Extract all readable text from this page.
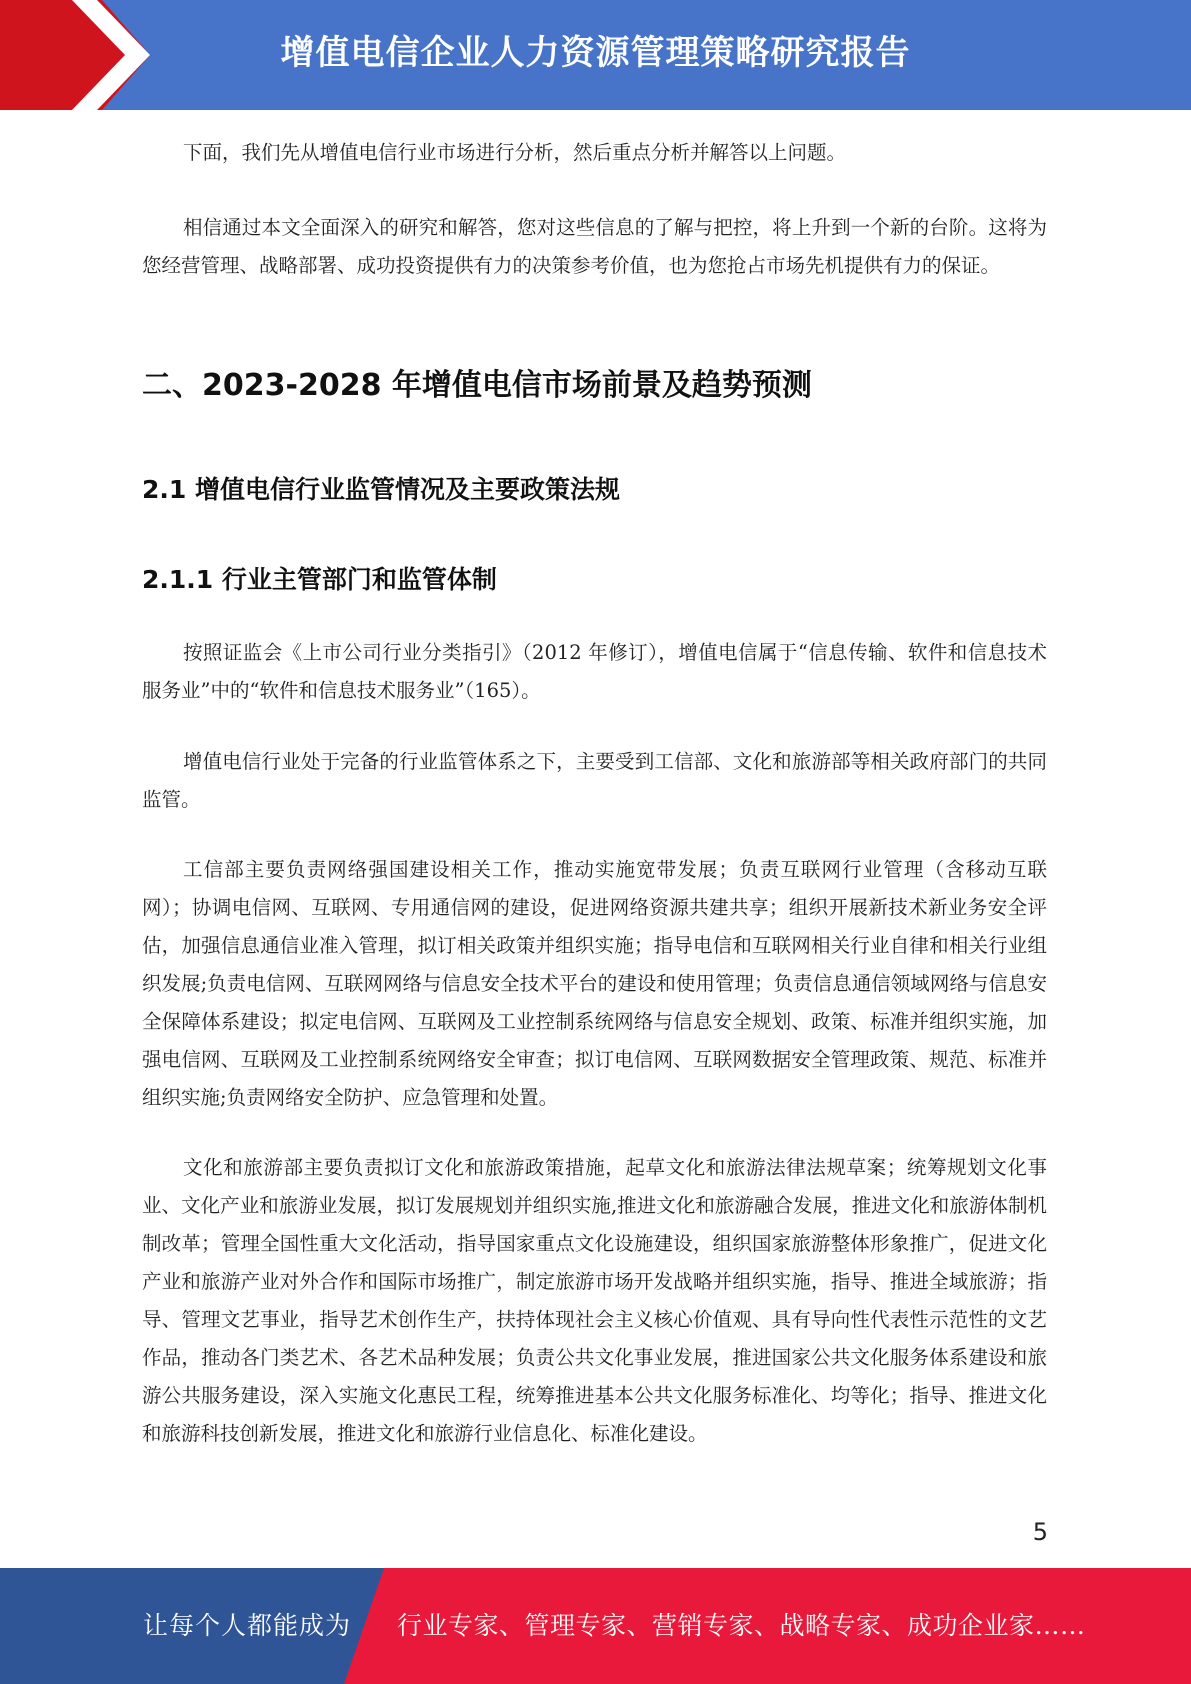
增值电信企业人力资源管理策略研究报告

下面，我们先从增值电信行业市场进行分析，然后重点分析并解答以上问题。

相信通过本文全面深入的研究和解答，您对这些信息的了解与把控，将上升到一个新的台阶。这将为您经营管理、战略部署、成功投资提供有力的决策参考价值，也为您抢占市场先机提供有力的保证。

二、2023-2028 年增值电信市场前景及趋势预测
2.1 增值电信行业监管情况及主要政策法规
2.1.1 行业主管部门和监管体制

按照证监会《上市公司行业分类指引》（2012 年修订），增值电信属于“信息传输、软件和信息技术服务业”中的“软件和信息技术服务业”（165）。

增值电信行业处于完备的行业监管体系之下，主要受到工信部、文化和旅游部等相关政府部门的共同监管。

工信部主要负责网络强国建设相关工作，推动实施宽带发展；负责互联网行业管理（含移动互联网）；协调电信网、互联网、专用通信网的建设，促进网络资源共建共享；组织开展新技术新业务安全评估，加强信息通信业准入管理，拟订相关政策并组织实施；指导电信和互联网相关行业自律和相关行业组织发展;负责电信网、互联网网络与信息安全技术平台的建设和使用管理；负责信息通信领域网络与信息安全保障体系建设；拟定电信网、互联网及工业控制系统网络与信息安全规划、政策、标准并组织实施，加强电信网、互联网及工业控制系统网络安全审查；拟订电信网、互联网数据安全管理政策、规范、标准并组织实施;负责网络安全防护、应急管理和处置。

文化和旅游部主要负责拟订文化和旅游政策措施，起草文化和旅游法律法规草案；统筹规划文化事业、文化产业和旅游业发展，拟订发展规划并组织实施,推进文化和旅游融合发展，推进文化和旅游体制机制改革；管理全国性重大文化活动，指导国家重点文化设施建设，组织国家旅游整体形象推广，促进文化产业和旅游产业对外合作和国际市场推广，制定旅游市场开发战略并组织实施，指导、推进全域旅游；指导、管理文艺事业，指导艺术创作生产，扶持体现社会主义核心价值观、具有导向性代表性示范性的文艺作品，推动各门类艺术、各艺术品种发展；负责公共文化事业发展，推进国家公共文化服务体系建设和旅游公共服务建设，深入实施文化惠民工程，统筹推进基本公共文化服务标准化、均等化；指导、推进文化和旅游科技创新发展，推进文化和旅游行业信息化、标准化建设。

5
让每个人都能成为 行业专家、管理专家、营销专家、战略专家、成功企业家……
